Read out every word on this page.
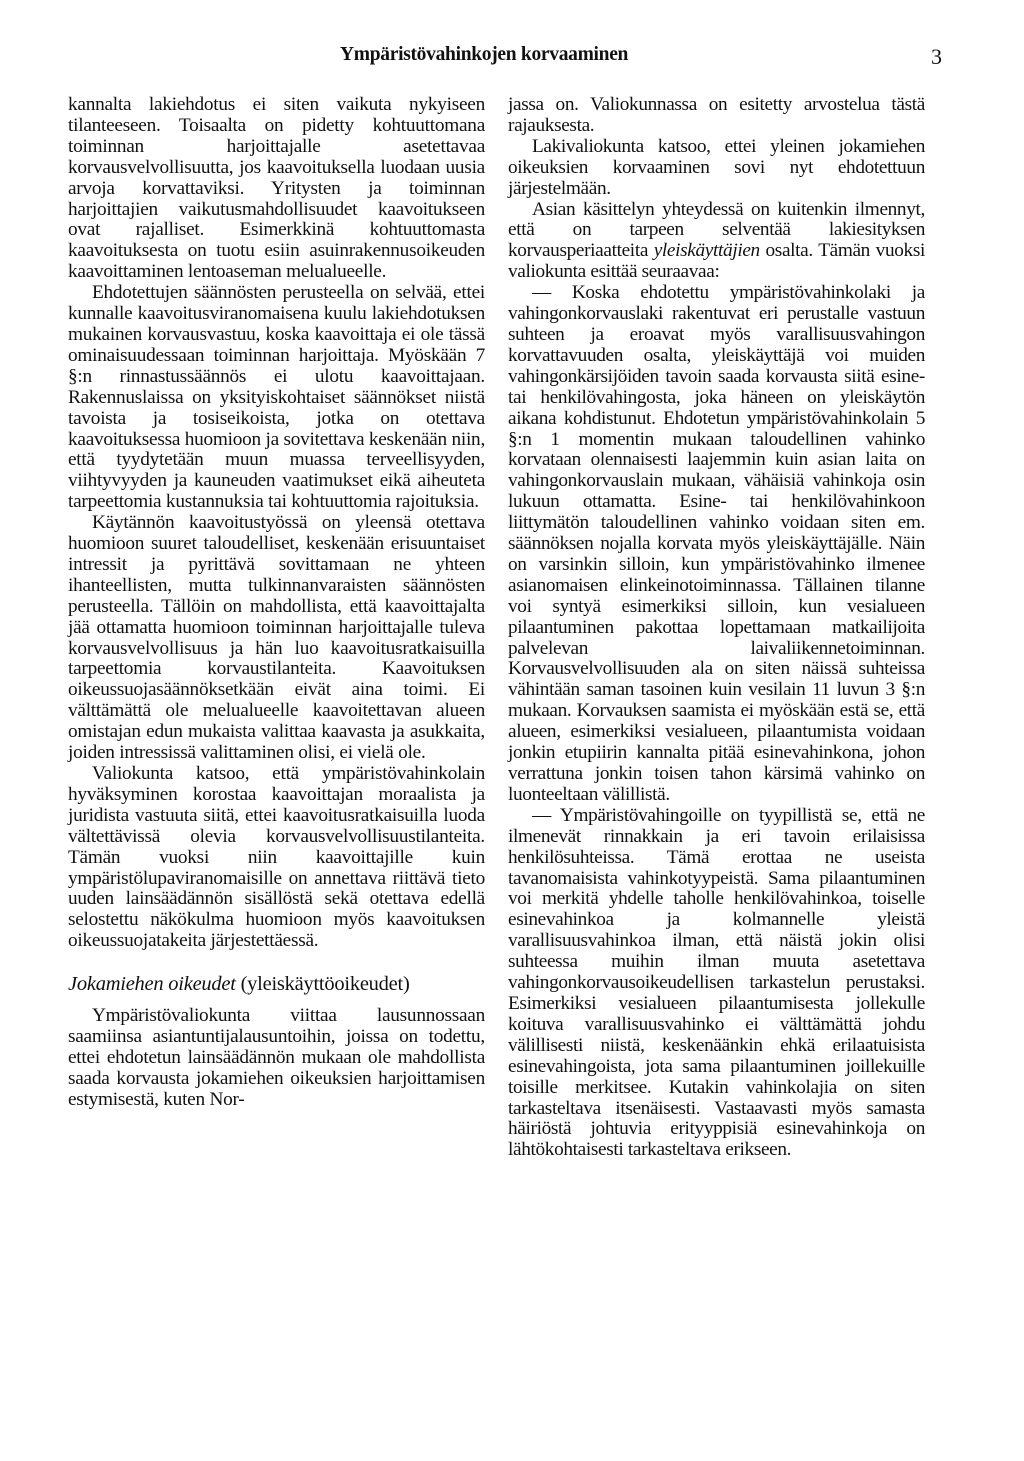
Ympäristövahinkojen korvaaminen	3

kannalta lakiehdotus ei siten vaikuta nykyiseen tilanteeseen. Toisaalta on pidetty kohtuuttomana toiminnan harjoittajalle asetettavaa korvausvelvollisuutta, jos kaavoituksella luodaan uusia arvoja korvattaviksi. Yritysten ja toiminnan harjoittajien vaikutusmahdollisuudet kaavoitukseen ovat rajalliset. Esimerkkinä kohtuuttomasta kaavoituksesta on tuotu esiin asuinrakennusoikeuden kaavoittaminen lentoaseman melualueelle.

Ehdotettujen säännösten perusteella on selvää, ettei kunnalle kaavoitusviranomaisena kuulu lakiehdotuksen mukainen korvausvastuu, koska kaavoittaja ei ole tässä ominaisuudessaan toiminnan harjoittaja. Myöskään 7 §:n rinnastussäännös ei ulotu kaavoittajaan. Rakennuslaissa on yksityiskohtaiset säännökset niistä tavoista ja tosiseikoista, jotka on otettava kaavoituksessa huomioon ja sovitettava keskenään niin, että tyydytetään muun muassa terveellisyyden, viihtyvyyden ja kauneuden vaatimukset eikä aiheuteta tarpeettomia kustannuksia tai kohtuuttomia rajoituksia.

Käytännön kaavoitustyössä on yleensä otettava huomioon suuret taloudelliset, keskenään erisuuntaiset intressit ja pyrittävä sovittamaan ne yhteen ihanteellisten, mutta tulkinnanvaraisten säännösten perusteella. Tällöin on mahdollista, että kaavoittajalta jää ottamatta huomioon toiminnan harjoittajalle tuleva korvausvelvollisuus ja hän luo kaavoitusratkaisuilla tarpeettomia korvaustilanteita. Kaavoituksen oikeussuojasäännöksetkään eivät aina toimi. Ei välttämättä ole melualueelle kaavoitettavan alueen omistajan edun mukaista valittaa kaavasta ja asukkaita, joiden intressissä valittaminen olisi, ei vielä ole.

Valiokunta katsoo, että ympäristövahinkolain hyväksyminen korostaa kaavoittajan moraalista ja juridista vastuuta siitä, ettei kaavoitusratkaisuilla luoda vältettävissä olevia korvausvelvollisuustilanteita. Tämän vuoksi niin kaavoittajille kuin ympäristölupaviranomaisille on annettava riittävä tieto uuden lainsäädännön sisällöstä sekä otettava edellä selostettu näkökulma huomioon myös kaavoituksen oikeussuojatakeita järjestettäessä.

Jokamiehen oikeudet (yleiskäyttöoikeudet)

Ympäristövaliokunta viittaa lausunnossaan saamiinsa asiantuntijalausuntoihin, joissa on todettu, ettei ehdotetun lainsäädännön mukaan ole mahdollista saada korvausta jokamiehen oikeuksien harjoittamisen estymisestä, kuten Nor-

jassa on. Valiokunnassa on esitetty arvostelua tästä rajauksesta.

Lakivaliokunta katsoo, ettei yleinen jokamiehen oikeuksien korvaaminen sovi nyt ehdotettuun järjestelmään.

Asian käsittelyn yhteydessä on kuitenkin ilmennyt, että on tarpeen selventää lakiesityksen korvausperiaatteita yleiskäyttäjien osalta. Tämän vuoksi valiokunta esittää seuraavaa:

— Koska ehdotettu ympäristövahinkolaki ja vahingonkorvauslaki rakentuvat eri perustalle vastuun suhteen ja eroavat myös varallisuusvahingon korvattavuuden osalta, yleiskäyttäjä voi muiden vahingonkärsijöiden tavoin saada korvausta siitä esine- tai henkilövahingosta, joka häneen on yleiskäytön aikana kohdistunut. Ehdotetun ympäristövahinkolain 5 §:n 1 momentin mukaan taloudellinen vahinko korvataan olennaisesti laajemmin kuin asian laita on vahingonkorvauslain mukaan, vähäisiä vahinkoja osin lukuun ottamatta. Esine- tai henkilövahinkoon liittymätön taloudellinen vahinko voidaan siten em. säännöksen nojalla korvata myös yleiskäyttäjälle. Näin on varsinkin silloin, kun ympäristövahinko ilmenee asianomaisen elinkeinotoiminnassa. Tällainen tilanne voi syntyä esimerkiksi silloin, kun vesialueen pilaantuminen pakottaa lopettamaan matkailijoita palvelevan laivaliikennetoiminnan. Korvausvelvollisuuden ala on siten näissä suhteissa vähintään saman tasoinen kuin vesilain 11 luvun 3 §:n mukaan. Korvauksen saamista ei myöskään estä se, että alueen, esimerkiksi vesialueen, pilaantumista voidaan jonkin etupiirin kannalta pitää esinevahinkona, johon verrattuna jonkin toisen tahon kärsimä vahinko on luonteeltaan välillistä.

— Ympäristövahingoille on tyypillistä se, että ne ilmenevät rinnakkain ja eri tavoin erilaisissa henkilösuhteissa. Tämä erottaa ne useista tavanomaisista vahinkotyypeistä. Sama pilaantuminen voi merkitä yhdelle taholle henkilövahinkoa, toiselle esinevahinkoa ja kolmannelle yleistä varallisuusvahinkoa ilman, että näistä jokin olisi suhteessa muihin ilman muuta asetettava vahingonkorvausoikeudellisen tarkastelun perustaksi. Esimerkiksi vesialueen pilaantumisesta jollekulle koituva varallisuusvahinko ei välttämättä johdu välillisesti niistä, keskenäänkin ehkä erilaatuisista esinevahingoista, jota sama pilaantuminen joillekuille toisille merkitsee. Kutakin vahinkolajia on siten tarkasteltava itsenäisesti. Vastaavasti myös samasta häiriöstä johtuvia erityyppisiä esinevahinkoja on lähtökohtaisesti tarkasteltava erikseen.
